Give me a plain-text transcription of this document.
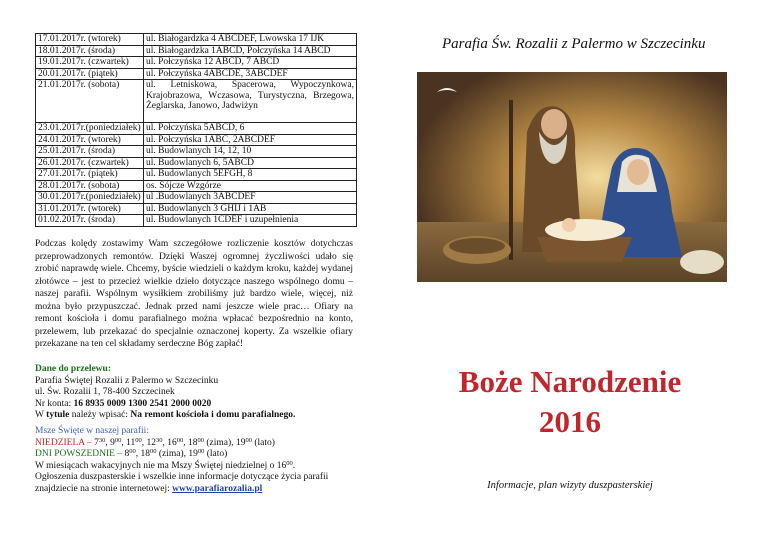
17.01.2017r. (wtorek)	ul. Białogardzka 4 ABCDEF, Lwowska 17 IJK
18.01.2017r. (środa)	ul. Białogardzka 1ABCD, Połczyńska 14 ABCD
19.01.2017r. (czwartek)	ul. Połczyńska 12 ABCD, 7 ABCD
20.01.2017r. (piątek)	ul. Połczyńska 4ABCDE, 3ABCDEF
21.01.2017r. (sobota)	ul. Letniskowa, Spacerowa, Wypoczynkowa, Krajobrazowa, Wczasowa, Turystyczna, Brzegowa, Żeglarska, Janowo, Jadwiżyn

23.01.2017r.(poniedziałek)	ul. Połczyńska 5ABCD, 6
24.01.2017r. (wtorek)	ul. Połczyńska 1ABC, 2ABCDEF
25.01.2017r. (środa)	ul. Budowlanych 14, 12, 10
26.01.2017r. (czwartek)	ul. Budowlanych 6, 5ABCD
27.01.2017r. (piątek)	ul. Budowlanych 5EFGH, 8
28.01.2017r. (sobota)	os. Sójcze Wzgórze
30.01.2017r.(poniedziałek)	ul .Budowlanych 3ABCDEF
31.01.2017r. (wtorek)	ul. Budowlanych 3 GHIJ i 1AB
01.02.2017r. (środa)	ul. Budowlanych 1CDEF i uzupełnienia
Podczas kolędy zostawimy Wam szczegółowe rozliczenie kosztów dotychczas przeprowadzonych remontów. Dzięki Waszej ogromnej życzliwości udało się zrobić naprawdę wiele. Chcemy, byście wiedzieli o każdym kroku, każdej wydanej złotówce – jest to przecież wielkie dzieło dotyczące naszego wspólnego domu – naszej parafii. Wspólnym wysiłkiem zrobiliśmy już bardzo wiele, więcej, niż można było przypuszczać. Jednak przed nami jeszcze wiele prac… Ofiary na remont kościoła i domu parafialnego można wpłacać bezpośrednio na konto, przelewem, lub przekazać do specjalnie oznaczonej koperty. Za wszelkie ofiary przekazane na ten cel składamy serdeczne Bóg zapłać!
Dane do przelewu:
Parafia Świętej Rozalii z Palermo w Szczecinku
ul. Św. Rozalii 1, 78-400 Szczecinek
Nr konta: 16 8935 0009 1300 2541 2000 0020
W tytule należy wpisać: Na remont kościoła i domu parafialnego.
Msze Święte w naszej parafii:
NIEDZIELA – $7^{30}$, $9^{00}$, $11^{00}$, $12^{30}$, $16^{00}$, $18^{00}$ (zima), $19^{00}$ (lato)
DNI POWSZEDNIE – $8^{00}$, $18^{00}$ (zima), $19^{00}$ (lato)
W miesiącach wakacyjnych nie ma Mszy Świętej niedzielnej o $16^{00}$.
Ogłoszenia duszpasterskie i wszelkie inne informacje dotyczące życia parafii znajdziecie na stronie internetowej: www.parafiarozalia.pl
Parafia Św. Rozalii z Palermo w Szczecinku
Boże Narodzenie
2016
Informacje, plan wizyty duszpasterskiej
